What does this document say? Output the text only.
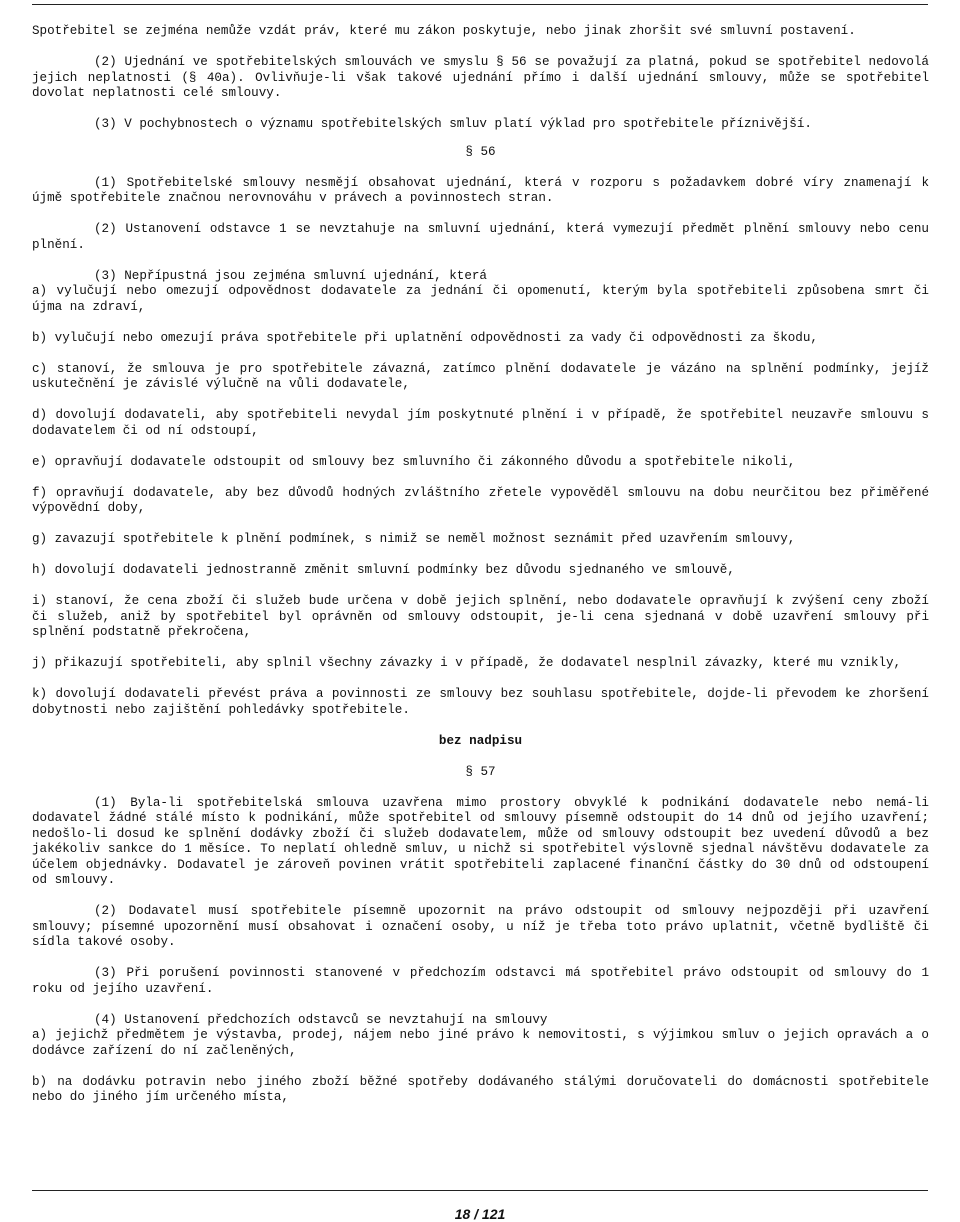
Spotřebitel se zejména nemůže vzdát práv, které mu zákon poskytuje, nebo jinak zhoršit své smluvní postavení.

(2) Ujednání ve spotřebitelských smlouvách ve smyslu § 56 se považují za platná, pokud se spotřebitel nedovolá jejich neplatnosti (§ 40a). Ovlivňuje-li však takové ujednání přímo i další ujednání smlouvy, může se spotřebitel dovolat neplatnosti celé smlouvy.

(3) V pochybnostech o významu spotřebitelských smluv platí výklad pro spotřebitele příznivější.

§ 56

(1) Spotřebitelské smlouvy nesmějí obsahovat ujednání, která v rozporu s požadavkem dobré víry znamenají k újmě spotřebitele značnou nerovnováhu v právech a povinnostech stran.

(2) Ustanovení odstavce 1 se nevztahuje na smluvní ujednání, která vymezují předmět plnění smlouvy nebo cenu plnění.

(3) Nepřípustná jsou zejména smluvní ujednání, která

a) vylučují nebo omezují odpovědnost dodavatele za jednání či opomenutí, kterým byla spotřebiteli způsobena smrt či újma na zdraví,

b) vylučují nebo omezují práva spotřebitele při uplatnění odpovědnosti za vady či odpovědnosti za škodu,

c) stanoví, že smlouva je pro spotřebitele závazná, zatímco plnění dodavatele je vázáno na splnění podmínky, jejíž uskutečnění je závislé výlučně na vůli dodavatele,

d) dovolují dodavateli, aby spotřebiteli nevydal jím poskytnuté plnění i v případě, že spotřebitel neuzavře smlouvu s dodavatelem či od ní odstoupí,

e) opravňují dodavatele odstoupit od smlouvy bez smluvního či zákonného důvodu a spotřebitele nikoli,

f) opravňují dodavatele, aby bez důvodů hodných zvláštního zřetele vypověděl smlouvu na dobu neurčitou bez přiměřené výpovědní doby,

g) zavazují spotřebitele k plnění podmínek, s nimiž se neměl možnost seznámit před uzavřením smlouvy,

h) dovolují dodavateli jednostranně změnit smluvní podmínky bez důvodu sjednaného ve smlouvě,

i) stanoví, že cena zboží či služeb bude určena v době jejich splnění, nebo dodavatele opravňují k zvýšení ceny zboží či služeb, aniž by spotřebitel byl oprávněn od smlouvy odstoupit, je-li cena sjednaná v době uzavření smlouvy při splnění podstatně překročena,

j) přikazují spotřebiteli, aby splnil všechny závazky i v případě, že dodavatel nesplnil závazky, které mu vznikly,

k) dovolují dodavateli převést práva a povinnosti ze smlouvy bez souhlasu spotřebitele, dojde-li převodem ke zhoršení dobytnosti nebo zajištění pohledávky spotřebitele.

bez nadpisu

§ 57

(1) Byla-li spotřebitelská smlouva uzavřena mimo prostory obvyklé k podnikání dodavatele nebo nemá-li dodavatel žádné stálé místo k podnikání, může spotřebitel od smlouvy písemně odstoupit do 14 dnů od jejího uzavření; nedošlo-li dosud ke splnění dodávky zboží či služeb dodavatelem, může od smlouvy odstoupit bez uvedení důvodů a bez jakékoliv sankce do 1 měsíce. To neplatí ohledně smluv, u nichž si spotřebitel výslovně sjednal návštěvu dodavatele za účelem objednávky. Dodavatel je zároveň povinen vrátit spotřebiteli zaplacené finanční částky do 30 dnů od odstoupení od smlouvy.

(2) Dodavatel musí spotřebitele písemně upozornit na právo odstoupit od smlouvy nejpozději při uzavření smlouvy; písemné upozornění musí obsahovat i označení osoby, u níž je třeba toto právo uplatnit, včetně bydliště či sídla takové osoby.

(3) Při porušení povinnosti stanovené v předchozím odstavci má spotřebitel právo odstoupit od smlouvy do 1 roku od jejího uzavření.

(4) Ustanovení předchozích odstavců se nevztahují na smlouvy

a) jejichž předmětem je výstavba, prodej, nájem nebo jiné právo k nemovitosti, s výjimkou smluv o jejich opravách a o dodávce zařízení do ní začleněných,

b) na dodávku potravin nebo jiného zboží běžné spotřeby dodávaného stálými doručovateli do domácnosti spotřebitele nebo do jiného jím určeného místa,

18 / 121
